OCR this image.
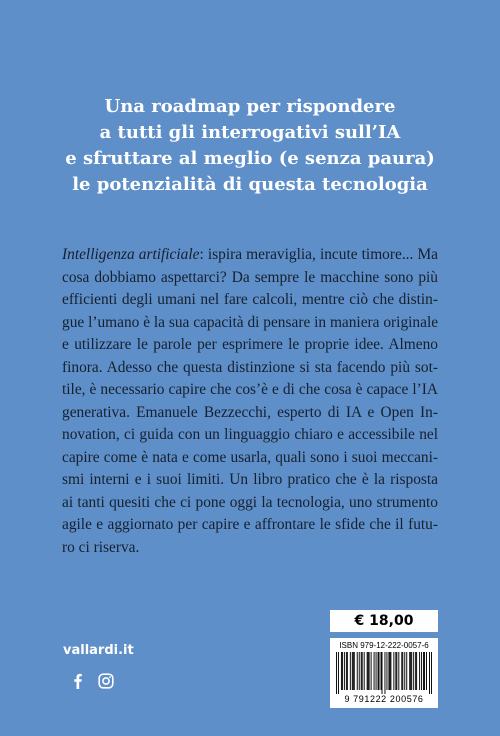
Una roadmap per rispondere
a tutti gli interrogativi sull’IA
e sfruttare al meglio (e senza paura)
le potenzialità di questa tecnologia
Intelligenza artificiale: ispira meraviglia, incute timore... Ma
cosa dobbiamo aspettarci? Da sempre le macchine sono più
efficienti degli umani nel fare calcoli, mentre ciò che distin-
gue l’umano è la sua capacità di pensare in maniera originale
e utilizzare le parole per esprimere le proprie idee. Almeno
finora. Adesso che questa distinzione si sta facendo più sot-
tile, è necessario capire che cos’è e di che cosa è capace l’IA
generativa. Emanuele Bezzecchi, esperto di IA e Open In-
novation, ci guida con un linguaggio chiaro e accessibile nel
capire come è nata e come usarla, quali sono i suoi meccani-
smi interni e i suoi limiti. Un libro pratico che è la risposta
ai tanti quesiti che ci pone oggi la tecnologia, uno strumento
agile e aggiornato per capire e affrontare le sfide che il futu-
ro ci riserva.
vallardi.it
€ 18,00
ISBN 979-12-222-0057-6
9 791222 200576
